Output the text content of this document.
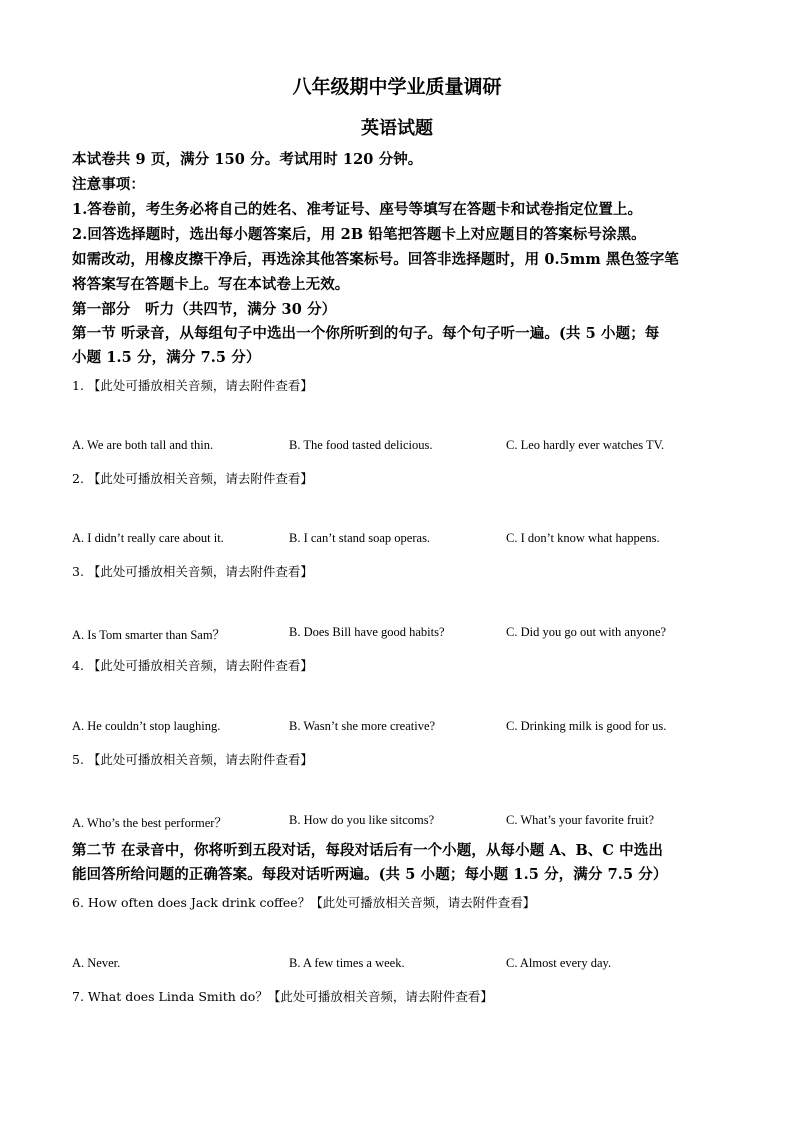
八年级期中学业质量调研
英语试题
本试卷共 9 页，满分 150 分。考试用时 120 分钟。
注意事项：
1.答卷前，考生务必将自己的姓名、准考证号、座号等填写在答题卡和试卷指定位置上。
2.回答选择题时，选出每小题答案后，用 2B 铅笔把答题卡上对应题目的答案标号涂黑。
如需改动，用橡皮擦干净后，再选涂其他答案标号。回答非选择题时，用 0.5mm 黑色签字笔
将答案写在答题卡上。写在本试卷上无效。
第一部分　听力（共四节，满分 30 分）
第一节 听录音，从每组句子中选出一个你所听到的句子。每个句子听一遍。(共 5 小题；每
小题 1.5 分，满分 7.5 分）
1. 【此处可播放相关音频，请去附件查看】
A. We are both tall and thin.	B. The food tasted delicious.	C. Leo hardly ever watches TV.
2. 【此处可播放相关音频，请去附件查看】
A. I didn’t really care about it.	B. I can’t stand soap operas.	C. I don’t know what happens.
3. 【此处可播放相关音频，请去附件查看】
A. Is Tom smarter than Sam？	B. Does Bill have good habits?	C. Did you go out with anyone?
4. 【此处可播放相关音频，请去附件查看】
A. He couldn’t stop laughing.	B. Wasn’t she more creative?	C. Drinking milk is good for us.
5. 【此处可播放相关音频，请去附件查看】
A. Who’s the best performer？	B. How do you like sitcoms?	C. What’s your favorite fruit?
第二节 在录音中，你将听到五段对话，每段对话后有一个小题，从每小题 A、B、C 中选出
能回答所给问题的正确答案。每段对话听两遍。(共 5 小题；每小题 1.5 分，满分 7.5 分）
6. How often does Jack drink coffee？【此处可播放相关音频，请去附件查看】
A. Never.	B. A few times a week.	C. Almost every day.
7. What does Linda Smith do？【此处可播放相关音频，请去附件查看】
